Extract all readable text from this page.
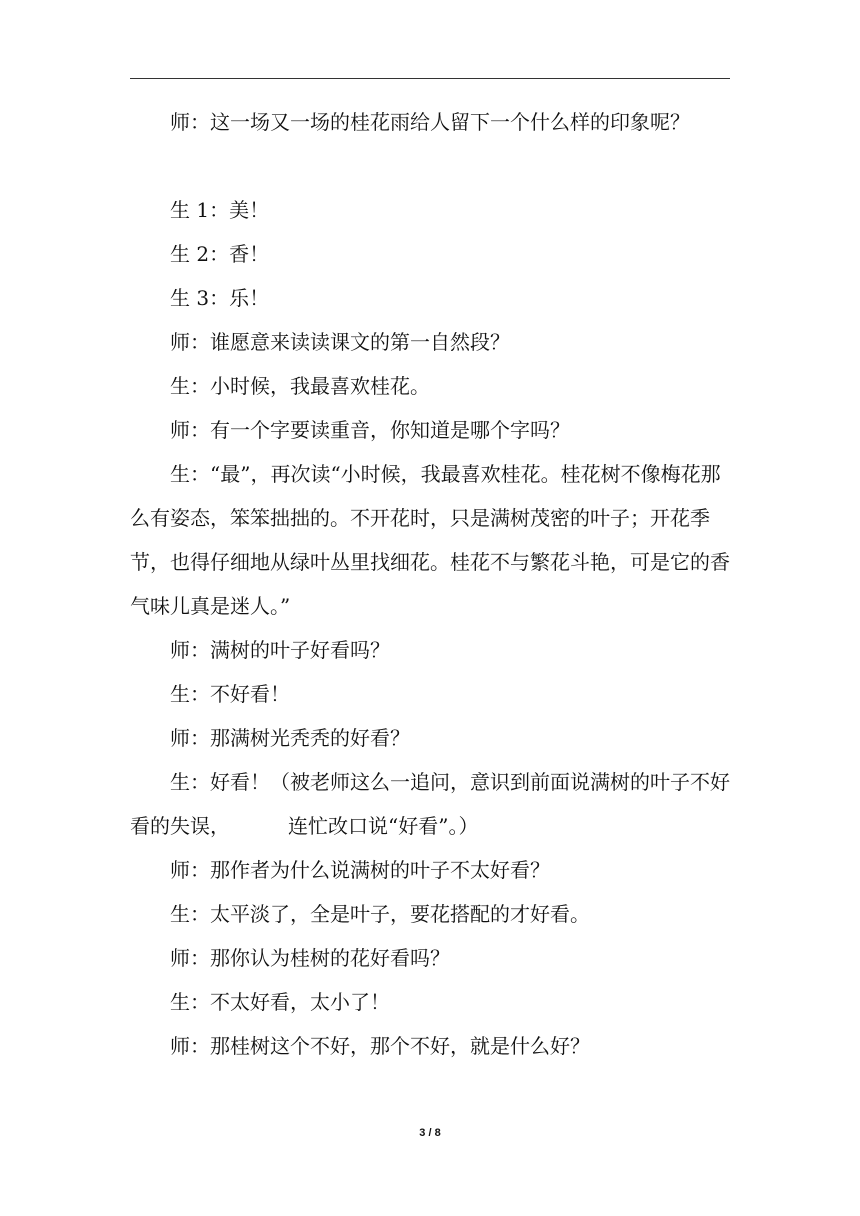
师：这一场又一场的桂花雨给人留下一个什么样的印象呢？

生 1：美！

生 2：香！

生 3：乐！

师：谁愿意来读读课文的第一自然段？

生：小时候，我最喜欢桂花。

师：有一个字要读重音，你知道是哪个字吗？

生：“最”，再次读“小时候，我最喜欢桂花。桂花树不像梅花那么有姿态，笨笨拙拙的。不开花时，只是满树茂密的叶子；开花季节，也得仔细地从绿叶丛里找细花。桂花不与繁花斗艳，可是它的香气味儿真是迷人。”

师：满树的叶子好看吗？

生：不好看！

师：那满树光秃秃的好看？

生：好看！（被老师这么一追问，意识到前面说满树的叶子不好看的失误，	连忙改口说“好看”。）

师：那作者为什么说满树的叶子不太好看？

生：太平淡了，全是叶子，要花搭配的才好看。

师：那你认为桂树的花好看吗？

生：不太好看，太小了！

师：那桂树这个不好，那个不好，就是什么好？

3 / 8
